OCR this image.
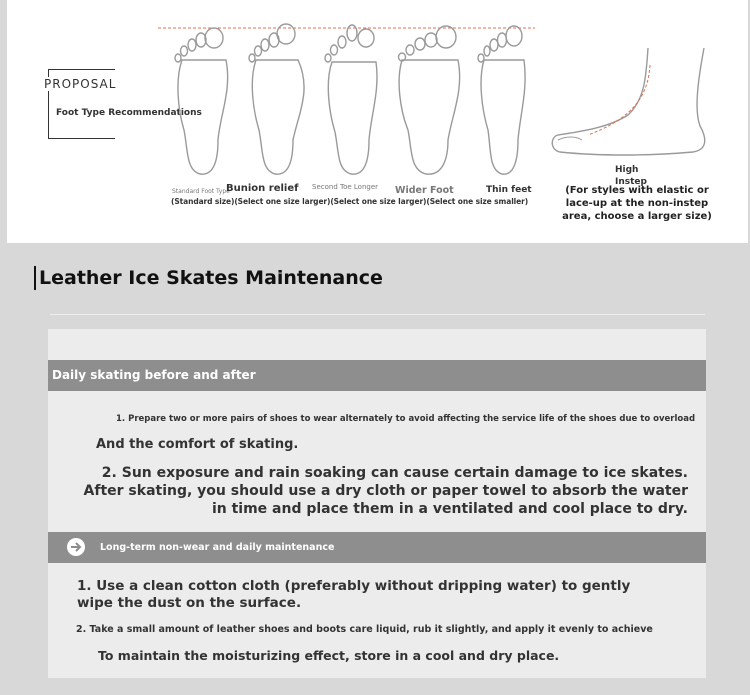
PROPOSAL
Foot Type Recommendations
Standard Foot Type
Bunion relief Second Toe Longer Wider Foot	Thin feet
(Standard size)(Select one size larger)(Select one size larger)(Select one size smaller)
High
Instep
(For styles with elastic or lace-up at the non-instep area, choose a larger size)
Leather Ice Skates Maintenance
Daily skating before and after
1. Prepare two or more pairs of shoes to wear alternately to avoid affecting the service life of the shoes due to overload
And the comfort of skating.
2. Sun exposure and rain soaking can cause certain damage to ice skates. After skating, you should use a dry cloth or paper towel to absorb the water in time and place them in a ventilated and cool place to dry.
Long-term non-wear and daily maintenance
1. Use a clean cotton cloth (preferably without dripping water) to gently wipe the dust on the surface.
2. Take a small amount of leather shoes and boots care liquid, rub it slightly, and apply it evenly to achieve
To maintain the moisturizing effect, store in a cool and dry place.
